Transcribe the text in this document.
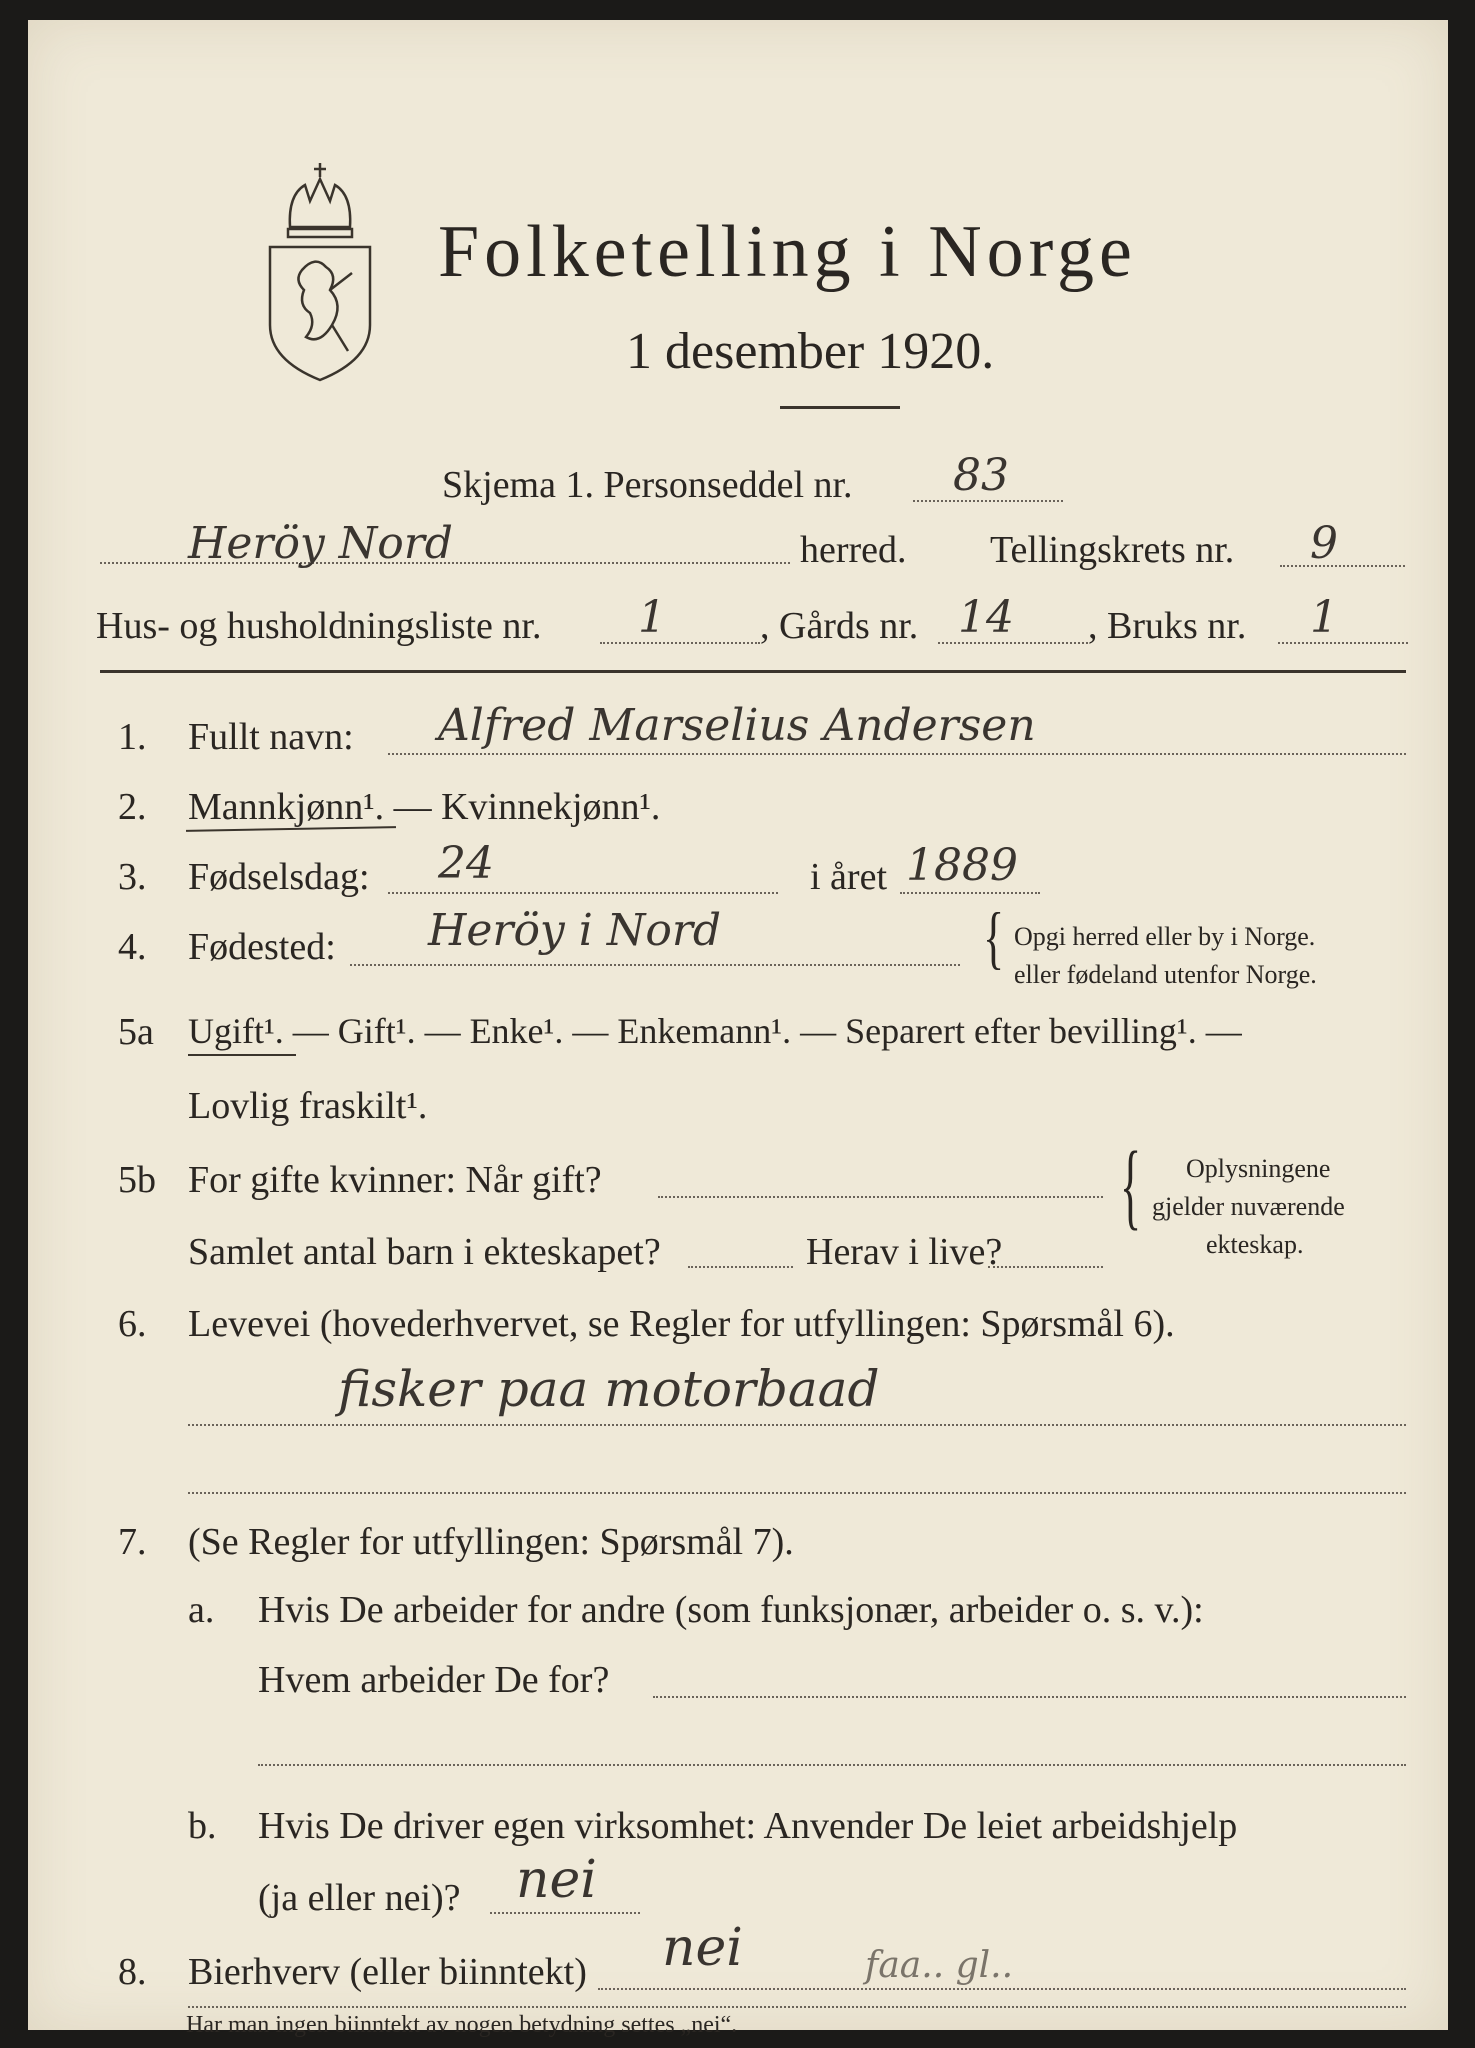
Folketelling i Norge
1 desember 1920.
Skjema 1. Personseddel nr. 83
Heröy Nord	herred. Tellingskrets nr. 9
Hus- og husholdningsliste nr. 1 , Gårds nr. 14 , Bruks nr. 1
1. Fullt navn: Alfred Marselius Andersen
2. Mannkjønn¹. — Kvinnekjønn¹.
3. Fødselsdag: 24	i året 1889
4. Fødested: Heröy i Nord	{ Opgi herred eller by i Norge.
eller fødeland utenfor Norge.
5a Ugift¹. — Gift¹. — Enke¹. — Enkemann¹. — Separert efter bevilling¹. —
Lovlig fraskilt¹.
5b For gifte kvinner: Når gift?
Samlet antal barn i ekteskapet?	Herav i live?
{ Oplysningene
gjelder nuværende
ekteskap.
6. Levevei (hovederhvervet, se Regler for utfyllingen: Spørsmål 6).
fisker paa motorbaad
7. (Se Regler for utfyllingen: Spørsmål 7).
a. Hvis De arbeider for andre (som funksjonær, arbeider o. s. v.):
Hvem arbeider De for?
b. Hvis De driver egen virksomhet: Anvender De leiet arbeidshjelp
(ja eller nei)? nei
8. Bierhverv (eller biinntekt) nei	faa.. gl..
Har man ingen biinntekt av nogen betydning settes „nei“.
